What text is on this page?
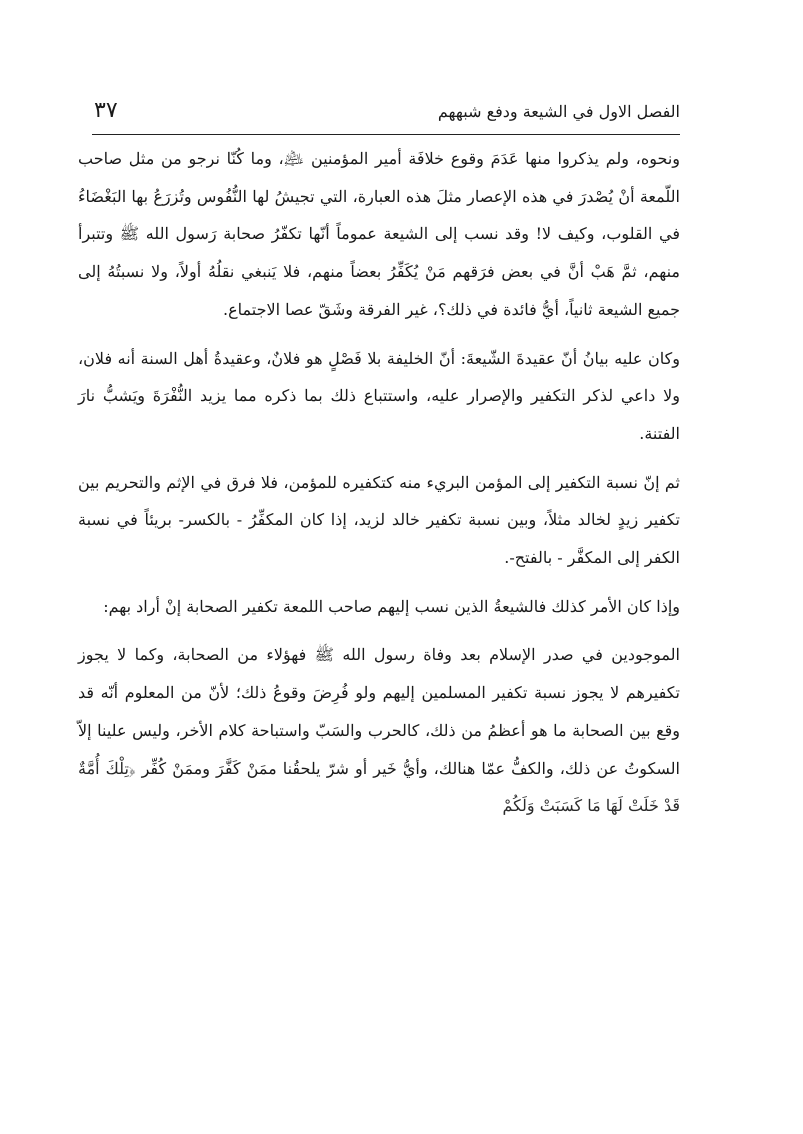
الفصل الاول في الشيعة ودفع شبههم
٣٧

ونحوه، ولم يذكروا منها عَدَمَ وقوع خلافَة أمير المؤمنين ﵇، وما كُنّا نرجو من مثل صاحب اللّمعة أنْ يُصْدرَ في هذه الإعصار مثلَ هذه العبارة، التي تجيشُ لها النُّفُوس وتُزرَعُ بها البَغْضَاءُ في القلوب، وكيف لا! وقد نسب إلى الشيعة عموماً أنّها تكفّرُ صحابة رَسول الله ﷺ وتتبرأ منهم، ثمَّ هَبْ أنَّ في بعض فرَقهم مَنْ يُكَفِّرُ بعضاً منهم، فلا يَنبغي نقلُهُ أولاً، ولا نسبتُهُ إلى جميع الشيعة ثانياً، أيُّ فائدة في ذلك؟، غير الفرقة وشَقّ عصا الاجتماع.

وكان عليه بيانُ أنّ عقيدةَ الشّيعةَ: أنّ الخليفة بلا فَصْلٍ هو فلانٌ، وعقيدةُ أهل السنة أنه فلان، ولا داعي لذكر التكفير والإصرار عليه، واستتباع ذلك بما ذكره مما يزيد النُّفْرَةَ ويَشبُّ نارَ الفتنة.

ثم إنّ نسبة التكفير إلى المؤمن البريء منه كتكفيره للمؤمن، فلا فرق في الإثم والتحريم بين تكفير زيدٍ لخالد مثلاً، وبين نسبة تكفير خالد لزيد، إذا كان المكفِّرُ - بالكسر- بريئاً في نسبة الكفر إلى المكفَّر - بالفتح-.

وإذا كان الأمر كذلك فالشيعةُ الذين نسب إليهم صاحب اللمعة تكفير الصحابة إنْ أراد بهم:

الموجودين في صدر الإسلام بعد وفاة رسول الله ﷺ فهؤلاء من الصحابة، وكما لا يجوز تكفيرهم لا يجوز نسبة تكفير المسلمين إليهم ولو فُرِضَ وقوعُ ذلك؛ لأنّ من المعلوم أنّه قد وقع بين الصحابة ما هو أعظمُ من ذلك، كالحرب والسَبّ واستباحة كلام الأخر، وليس علينا إلاّ السكوتُ عن ذلك، والكفُّ عمّا هنالك، وأيُّ خَير أو شرّ يلحقُنا ممَنْ كَفَّرَ وممَنْ كُفِّر ﴿تِلْكَ أُمَّةٌ قَدْ خَلَتْ لَهَا مَا كَسَبَتْ وَلَكُمْ
